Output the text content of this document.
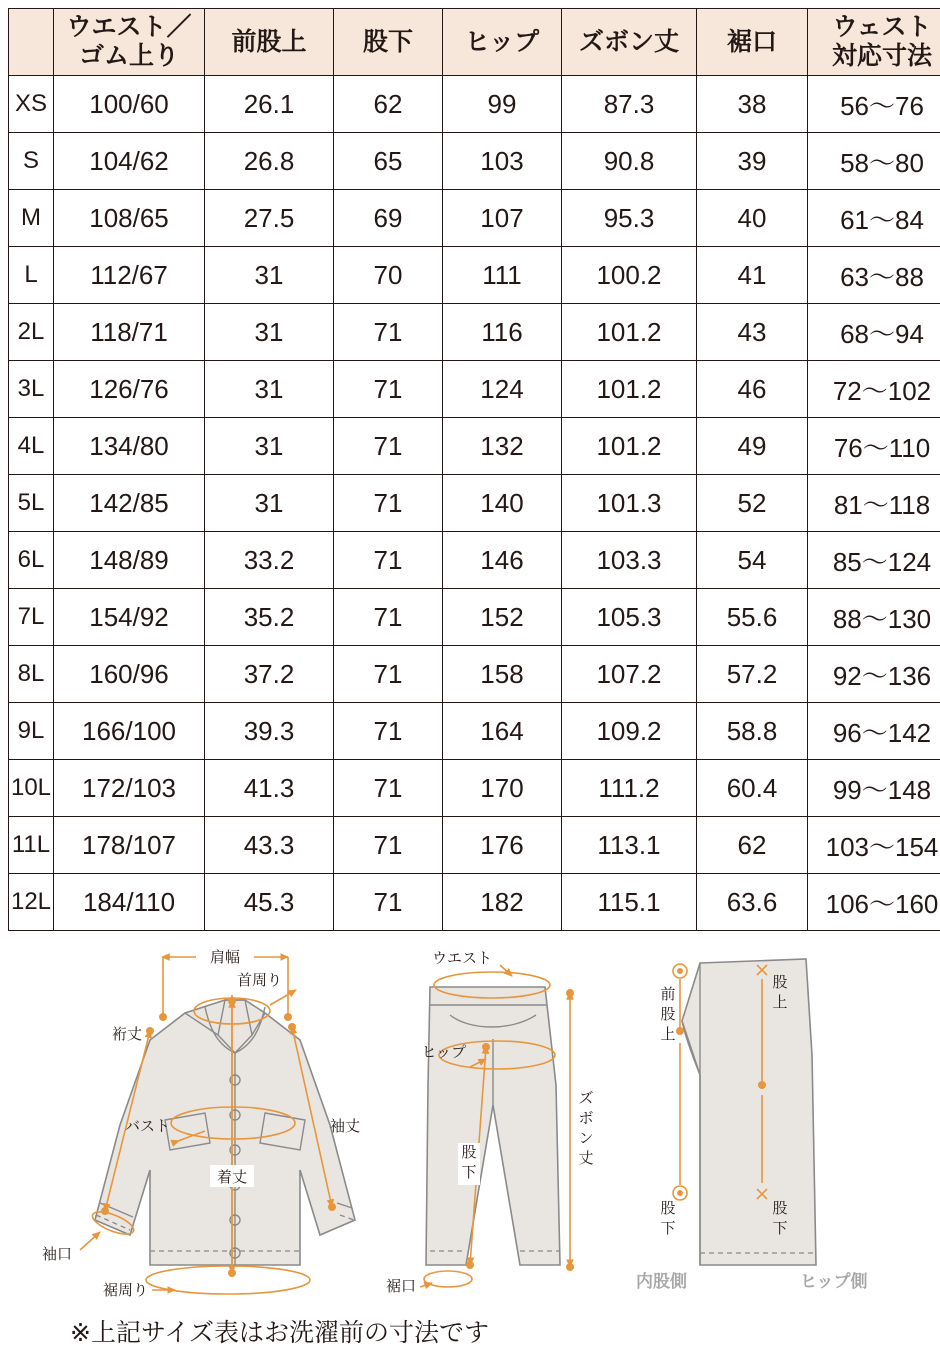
	ウエスト／
ゴム上り	前股上	股下	ヒップ	ズボン丈	裾口	ウェスト
対応寸法

XS	100/60	26.1	62	99	87.3	38	56〜76
S	104/62	26.8	65	103	90.8	39	58〜80
M	108/65	27.5	69	107	95.3	40	61〜84
L	112/67	31	70	111	100.2	41	63〜88
2L	118/71	31	71	116	101.2	43	68〜94
3L	126/76	31	71	124	101.2	46	72〜102
4L	134/80	31	71	132	101.2	49	76〜110
5L	142/85	31	71	140	101.3	52	81〜118
6L	148/89	33.2	71	146	103.3	54	85〜124
7L	154/92	35.2	71	152	105.3	55.6	88〜130
8L	160/96	37.2	71	158	107.2	57.2	92〜136
9L	166/100	39.3	71	164	109.2	58.8	96〜142
10L	172/103	41.3	71	170	111.2	60.4	99〜148
11L	178/107	43.3	71	176	113.1	62	103〜154
12L	184/110	45.3	71	182	115.1	63.6	106〜160
肩幅
首周り
裄丈
バスト	袖丈
着丈
袖口
裾周り
ウエスト
ヒップ
股
下
ズ
ボ
ン
丈
裾口
前
股
上
股
上
股
下
股
下
内股側	ヒップ側
※上記サイズ表はお洗濯前の寸法です
